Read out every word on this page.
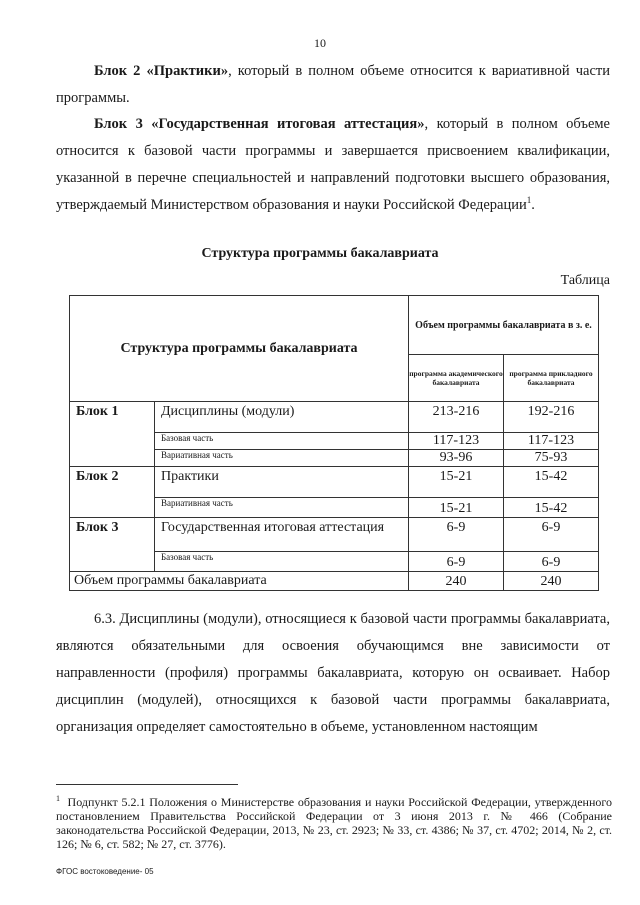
10

Блок 2 «Практики», который в полном объеме относится к вариативной части программы.

Блок 3 «Государственная итоговая аттестация», который в полном объеме относится к базовой части программы и завершается присвоением квалификации, указанной в перечне специальностей и направлений подготовки высшего образования, утверждаемый Министерством образования и науки Российской Федерации$^1$.

Структура программы бакалавриата
Таблица
Структура программы бакалавриата		Объем программы бакалавриата в з. е.	
		программа академического бакалавриата	программа прикладного бакалавриата
Блок 1	Дисциплины (модули)	213-216	192-216
	Базовая часть	117-123	117-123
	Вариативная часть	93-96	75-93
Блок 2	Практики	15-21	15-42
	Вариативная часть	15-21	15-42
Блок 3	Государственная итоговая аттестация	6-9	6-9
	Базовая часть	6-9	6-9
Объем программы бакалавриата		240	240

6.3. Дисциплины (модули), относящиеся к базовой части программы бакалавриата, являются обязательными для освоения обучающимся вне зависимости от направленности (профиля) программы бакалавриата, которую он осваивает. Набор дисциплин (модулей), относящихся к базовой части программы бакалавриата, организация определяет самостоятельно в объеме, установленном настоящим

$^1$ Подпункт 5.2.1 Положения о Министерстве образования и науки Российской Федерации, утвержденного постановлением Правительства Российской Федерации от 3 июня 2013 г. № 466 (Собрание законодательства Российской Федерации, 2013, № 23, ст. 2923; № 33, ст. 4386; № 37, ст. 4702; 2014, № 2, ст. 126; № 6, ст. 582; № 27, ст. 3776).
ФГОС востоковедение- 05
